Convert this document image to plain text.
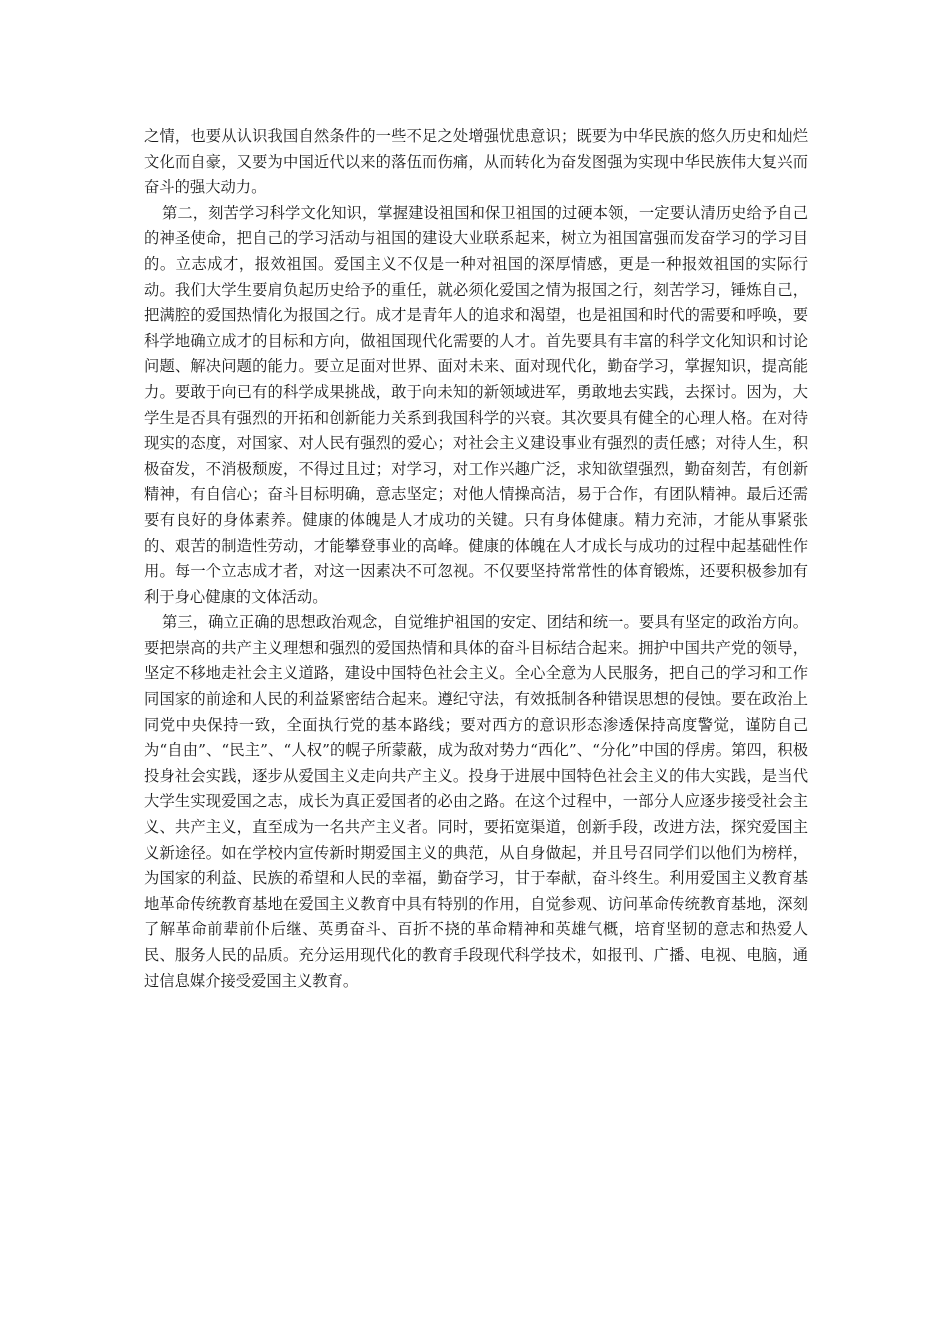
之情，也要从认识我国自然条件的一些不足之处增强忧患意识；既要为中华民族的悠久历史和灿烂文化而自豪，又要为中国近代以来的落伍而伤痛，从而转化为奋发图强为实现中华民族伟大复兴而奋斗的强大动力。

第二，刻苦学习科学文化知识，掌握建设祖国和保卫祖国的过硬本领，一定要认清历史给予自己的神圣使命，把自己的学习活动与祖国的建设大业联系起来，树立为祖国富强而发奋学习的学习目的。立志成才，报效祖国。爱国主义不仅是一种对祖国的深厚情感，更是一种报效祖国的实际行动。我们大学生要肩负起历史给予的重任，就必须化爱国之情为报国之行，刻苦学习，锤炼自己，把满腔的爱国热情化为报国之行。成才是青年人的追求和渴望，也是祖国和时代的需要和呼唤，要科学地确立成才的目标和方向，做祖国现代化需要的人才。首先要具有丰富的科学文化知识和讨论问题、解决问题的能力。要立足面对世界、面对未来、面对现代化，勤奋学习，掌握知识，提高能力。要敢于向已有的科学成果挑战，敢于向未知的新领域进军，勇敢地去实践，去探讨。因为，大学生是否具有强烈的开拓和创新能力关系到我国科学的兴衰。其次要具有健全的心理人格。在对待现实的态度，对国家、对人民有强烈的爱心；对社会主义建设事业有强烈的责任感；对待人生，积极奋发，不消极颓废，不得过且过；对学习，对工作兴趣广泛，求知欲望强烈，勤奋刻苦，有创新精神，有自信心；奋斗目标明确，意志坚定；对他人情操高洁，易于合作，有团队精神。最后还需要有良好的身体素养。健康的体魄是人才成功的关键。只有身体健康。精力充沛，才能从事紧张的、艰苦的制造性劳动，才能攀登事业的高峰。健康的体魄在人才成长与成功的过程中起基础性作用。每一个立志成才者，对这一因素决不可忽视。不仅要坚持常常性的体育锻炼，还要积极参加有利于身心健康的文体活动。

第三，确立正确的思想政治观念，自觉维护祖国的安定、团结和统一。要具有坚定的政治方向。要把崇高的共产主义理想和强烈的爱国热情和具体的奋斗目标结合起来。拥护中国共产党的领导，坚定不移地走社会主义道路，建设中国特色社会主义。全心全意为人民服务，把自己的学习和工作同国家的前途和人民的利益紧密结合起来。遵纪守法，有效抵制各种错误思想的侵蚀。要在政治上同党中央保持一致，全面执行党的基本路线；要对西方的意识形态渗透保持高度警觉，谨防自己为“自由”、“民主”、“人权”的幌子所蒙蔽，成为敌对势力“西化”、“分化”中国的俘虏。第四，积极投身社会实践，逐步从爱国主义走向共产主义。投身于进展中国特色社会主义的伟大实践，是当代大学生实现爱国之志，成长为真正爱国者的必由之路。在这个过程中，一部分人应逐步接受社会主义、共产主义，直至成为一名共产主义者。同时，要拓宽渠道，创新手段，改进方法，探究爱国主义新途径。如在学校内宣传新时期爱国主义的典范，从自身做起，并且号召同学们以他们为榜样，为国家的利益、民族的希望和人民的幸福，勤奋学习，甘于奉献，奋斗终生。利用爱国主义教育基地革命传统教育基地在爱国主义教育中具有特别的作用，自觉参观、访问革命传统教育基地，深刻了解革命前辈前仆后继、英勇奋斗、百折不挠的革命精神和英雄气概，培育坚韧的意志和热爱人民、服务人民的品质。充分运用现代化的教育手段现代科学技术，如报刊、广播、电视、电脑，通过信息媒介接受爱国主义教育。
